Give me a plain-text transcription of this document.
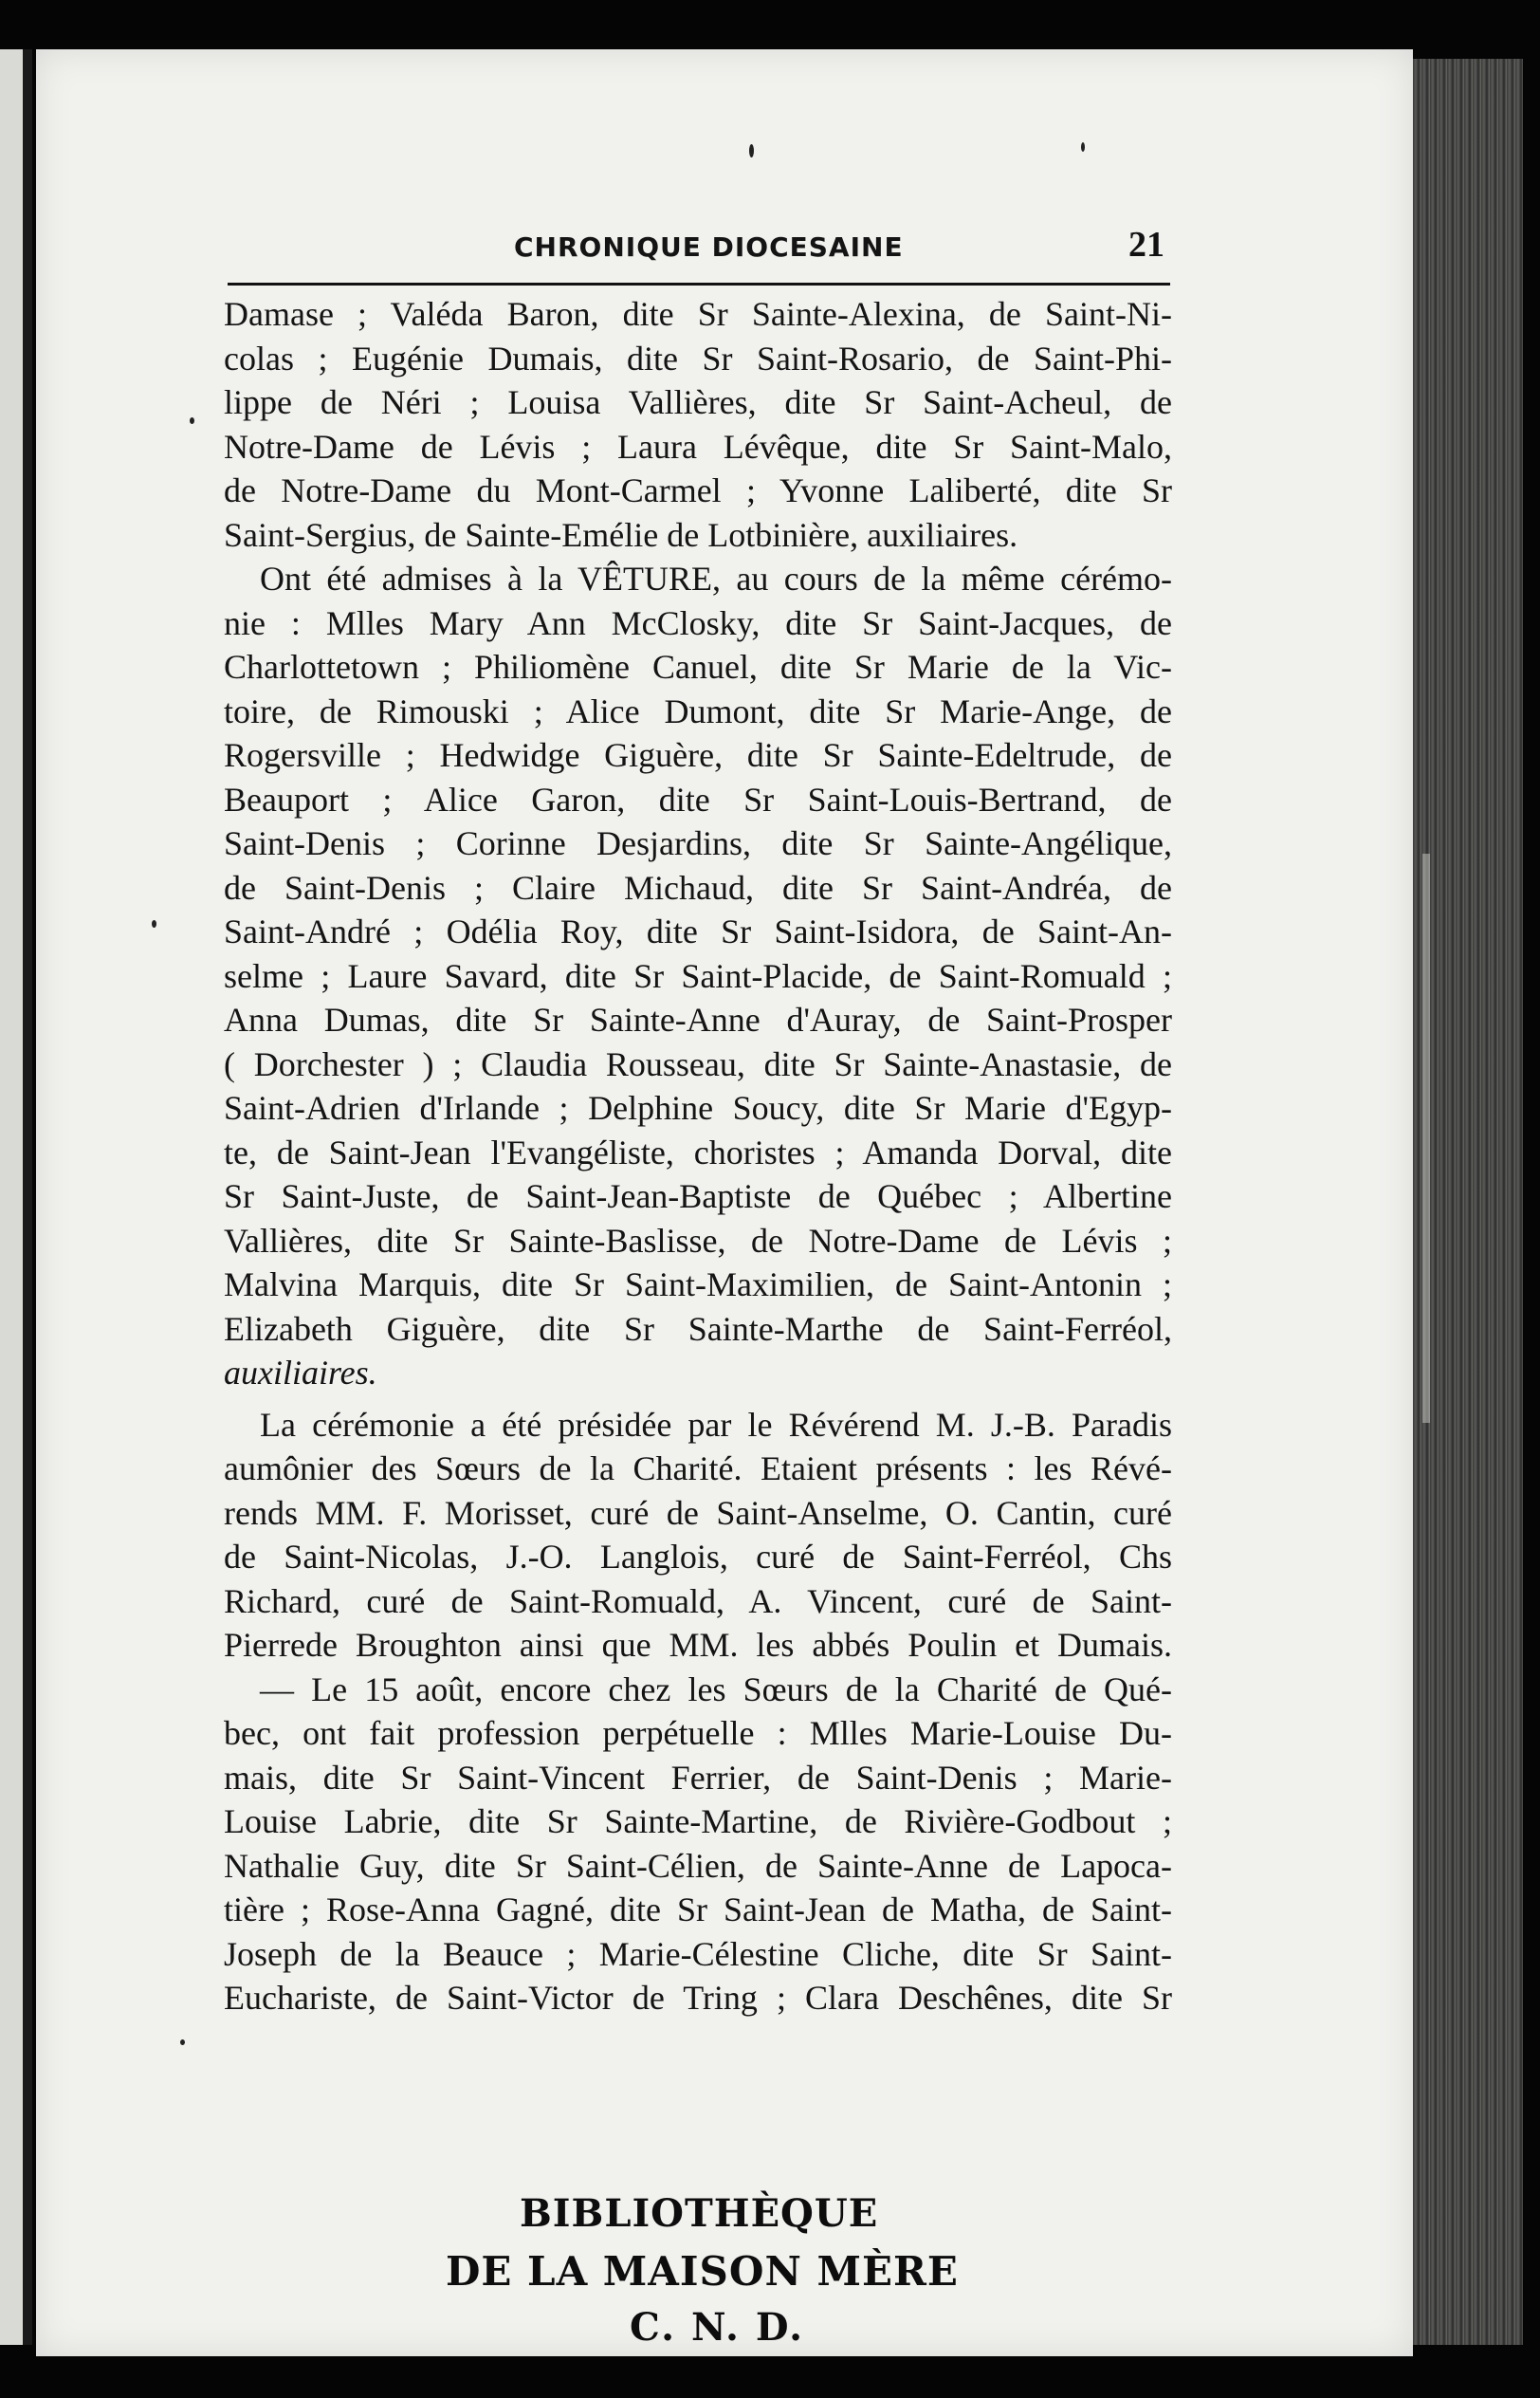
CHRONIQUE DIOCESAINE	21
Damase ; Valéda Baron, dite Sr Sainte-Alexina, de Saint-Ni-
colas ; Eugénie Dumais, dite Sr Saint-Rosario, de Saint-Phi-
lippe de Néri ; Louisa Vallières, dite Sr Saint-Acheul, de
Notre-Dame de Lévis ; Laura Lévêque, dite Sr Saint-Malo,
de Notre-Dame du Mont-Carmel ; Yvonne Laliberté, dite Sr
Saint-Sergius, de Sainte-Emélie de Lotbinière, auxiliaires.
Ont été admises à la VÊTURE, au cours de la même cérémo-
nie : Mlles Mary Ann McClosky, dite Sr Saint-Jacques, de
Charlottetown ; Philiomène Canuel, dite Sr Marie de la Vic-
toire, de Rimouski ; Alice Dumont, dite Sr Marie-Ange, de
Rogersville ; Hedwidge Giguère, dite Sr Sainte-Edeltrude, de
Beauport ; Alice Garon, dite Sr Saint-Louis-Bertrand, de
Saint-Denis ; Corinne Desjardins, dite Sr Sainte-Angélique,
de Saint-Denis ; Claire Michaud, dite Sr Saint-Andréa, de
Saint-André ; Odélia Roy, dite Sr Saint-Isidora, de Saint-An-
selme ; Laure Savard, dite Sr Saint-Placide, de Saint-Romuald ;
Anna Dumas, dite Sr Sainte-Anne d'Auray, de Saint-Prosper
( Dorchester ) ; Claudia Rousseau, dite Sr Sainte-Anastasie, de
Saint-Adrien d'Irlande ; Delphine Soucy, dite Sr Marie d'Egyp-
te, de Saint-Jean l'Evangéliste, choristes ; Amanda Dorval, dite
Sr Saint-Juste, de Saint-Jean-Baptiste de Québec ; Albertine
Vallières, dite Sr Sainte-Baslisse, de Notre-Dame de Lévis ;
Malvina Marquis, dite Sr Saint-Maximilien, de Saint-Antonin ;
Elizabeth Giguère, dite Sr Sainte-Marthe de Saint-Ferréol,
auxiliaires.
La cérémonie a été présidée par le Révérend M. J.-B. Paradis
aumônier des Sœurs de la Charité. Etaient présents : les Révé-
rends MM. F. Morisset, curé de Saint-Anselme, O. Cantin, curé
de Saint-Nicolas, J.-O. Langlois, curé de Saint-Ferréol, Chs
Richard, curé de Saint-Romuald, A. Vincent, curé de Saint-
Pierrede Broughton ainsi que MM. les abbés Poulin et Dumais.
— Le 15 août, encore chez les Sœurs de la Charité de Qué-
bec, ont fait profession perpétuelle : Mlles Marie-Louise Du-
mais, dite Sr Saint-Vincent Ferrier, de Saint-Denis ; Marie-
Louise Labrie, dite Sr Sainte-Martine, de Rivière-Godbout ;
Nathalie Guy, dite Sr Saint-Célien, de Sainte-Anne de Lapoca-
tière ; Rose-Anna Gagné, dite Sr Saint-Jean de Matha, de Saint-
Joseph de la Beauce ; Marie-Célestine Cliche, dite Sr Saint-
Euchariste, de Saint-Victor de Tring ; Clara Deschênes, dite Sr
BIBLIOTHÈQUE
DE LA MAISON MÈRE
C. N. D.
